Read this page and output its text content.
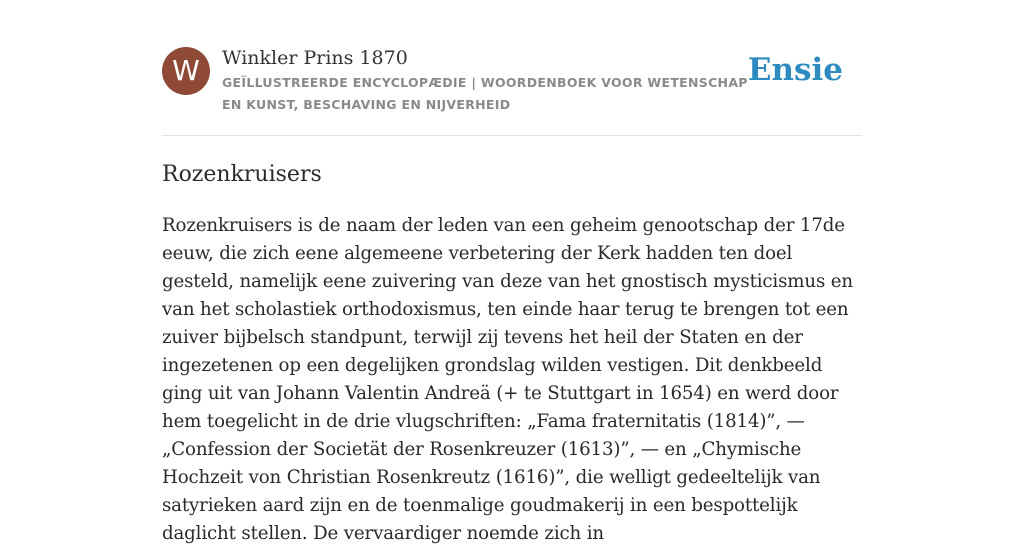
W	Winkler Prins 1870
GEÏLLUSTREERDE ENCYCLOPÆDIE | WOORDENBOEK VOOR WETENSCHAP EN KUNST, BESCHAVING EN NIJVERHEID
Ensie
Rozenkruisers

Rozenkruisers is de naam der leden van een geheim genootschap der 17de eeuw, die zich eene algemeene verbetering der Kerk hadden ten doel gesteld, namelijk eene zuivering van deze van het gnostisch mysticismus en van het scholastiek orthodoxismus, ten einde haar terug te brengen tot een zuiver bijbelsch standpunt, terwijl zij tevens het heil der Staten en der ingezetenen op een degelijken grondslag wilden vestigen. Dit denkbeeld ging uit van Johann Valentin Andreä (+ te Stuttgart in 1654) en werd door hem toegelicht in de drie vlugschriften: „Fama fraternitatis (1814)”, — „Confession der Societät der Rosenkreuzer (1613)”, — en „Chymische Hochzeit von Christian Rosenkreutz (1616)”, die welligt gedeeltelijk van satyrieken aard zijn en de toenmalige goudmakerij in een bespottelijk daglicht stellen. De vervaardiger noemde zich in
